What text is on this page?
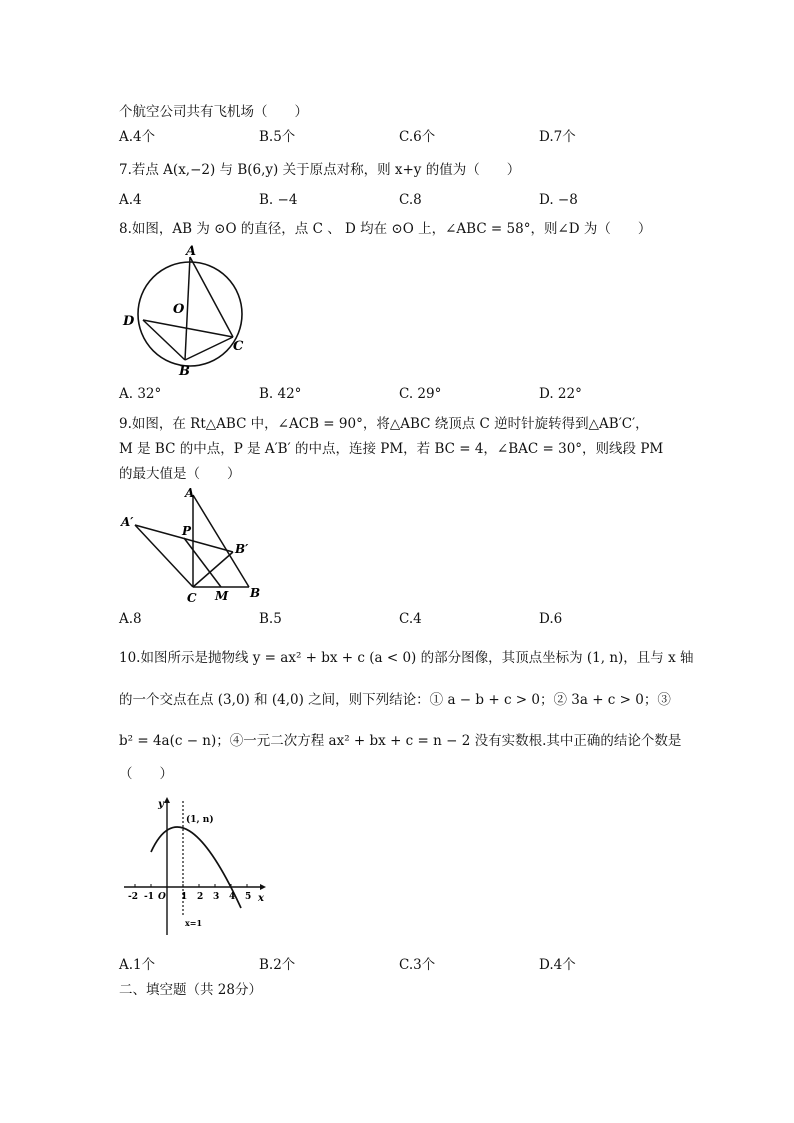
个航空公司共有飞机场（　　）
A.4个	B.5个	C.6个	D.7个
7.若点 A(x,−2) 与 B(6,y) 关于原点对称，则 x+y 的值为（　　）
A.4	B. −4	C.8	D. −8
8.如图，AB 为 ⊙O 的直径，点 C 、 D 均在 ⊙O 上，∠ABC = 58°，则∠D 为（　　）
A
O
D
C
B
A. 32°	B. 42°	C. 29°	D. 22°
9.如图，在 Rt△ABC 中，∠ACB = 90°，将△ABC 绕顶点 C 逆时针旋转得到△AB′C′，
M 是 BC 的中点，P 是 A′B′ 的中点，连接 PM，若 BC = 4，∠BAC = 30°，则线段 PM
的最大值是（　　）
A
A′
P
B′
C M B
A.8	B.5	C.4	D.6
10.如图所示是抛物线 y = ax² + bx + c (a < 0) 的部分图像，其顶点坐标为 (1, n)，且与 x 轴
的一个交点在点 (3,0) 和 (4,0) 之间，则下列结论：① a − b + c > 0；② 3a + c > 0；③
b² = 4a(c − n)；④一元二次方程 ax² + bx + c = n − 2 没有实数根.其中正确的结论个数是
（　　）
y
(1, n)
x
x=1
-2 -1 O 1 2 3 4 5
A.1个	B.2个	C.3个	D.4个
二、填空题（共 28分）
